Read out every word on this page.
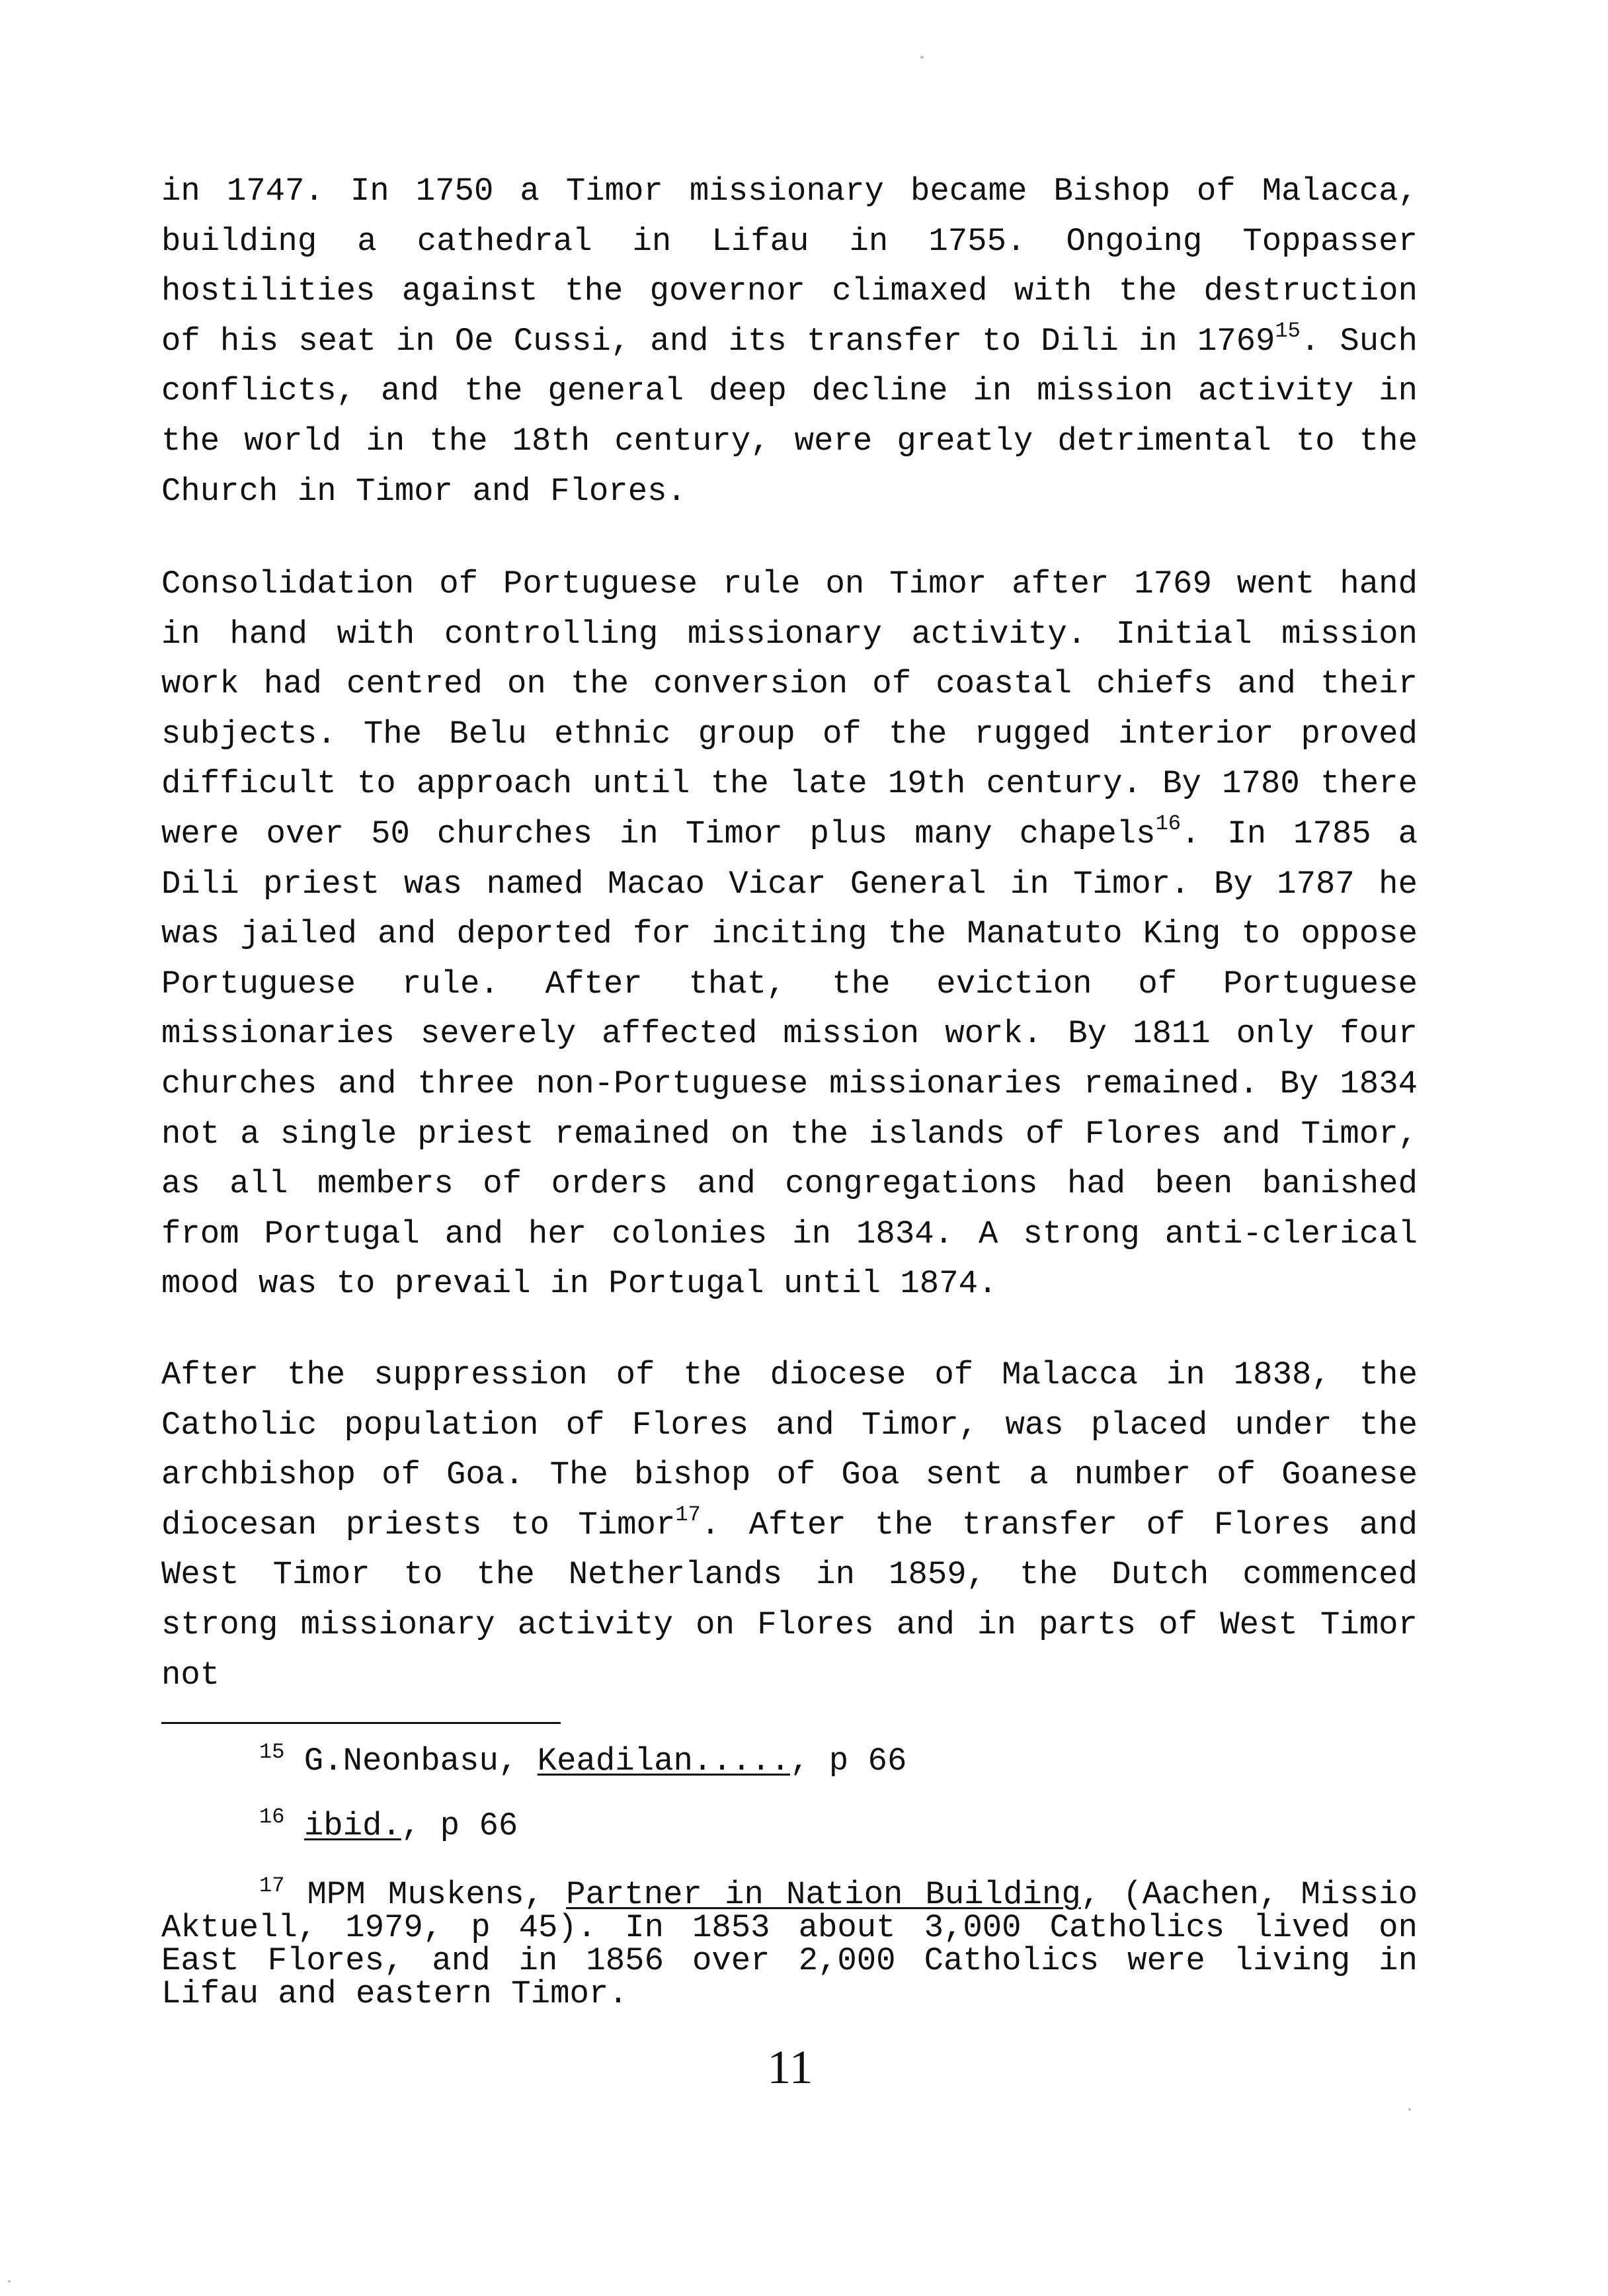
in 1747. In 1750 a Timor missionary became Bishop of Malacca, building a cathedral in Lifau in 1755. Ongoing Toppasser hostilities against the governor climaxed with the destruction of his seat in Oe Cussi, and its transfer to Dili in 1769$^{15}$. Such conflicts, and the general deep decline in mission activity in the world in the 18th century, were greatly detrimental to the Church in Timor and Flores.

Consolidation of Portuguese rule on Timor after 1769 went hand in hand with controlling missionary activity. Initial mission work had centred on the conversion of coastal chiefs and their subjects. The Belu ethnic group of the rugged interior proved difficult to approach until the late 19th century. By 1780 there were over 50 churches in Timor plus many chapels$^{16}$. In 1785 a Dili priest was named Macao Vicar General in Timor. By 1787 he was jailed and deported for inciting the Manatuto King to oppose Portuguese rule. After that, the eviction of Portuguese missionaries severely affected mission work. By 1811 only four churches and three non-Portuguese missionaries remained. By 1834 not a single priest remained on the islands of Flores and Timor, as all members of orders and congregations had been banished from Portugal and her colonies in 1834. A strong anti-clerical mood was to prevail in Portugal until 1874.

After the suppression of the diocese of Malacca in 1838, the Catholic population of Flores and Timor, was placed under the archbishop of Goa. The bishop of Goa sent a number of Goanese diocesan priests to Timor$^{17}$. After the transfer of Flores and West Timor to the Netherlands in 1859, the Dutch commenced strong missionary activity on Flores and in parts of West Timor not

$^{15}$ G.Neonbasu, Keadilan....., p 66

$^{16}$ ibid., p 66

$^{17}$ MPM Muskens, Partner in Nation Building, (Aachen, Missio Aktuell, 1979, p 45). In 1853 about 3,000 Catholics lived on East Flores, and in 1856 over 2,000 Catholics were living in Lifau and eastern Timor.

11
